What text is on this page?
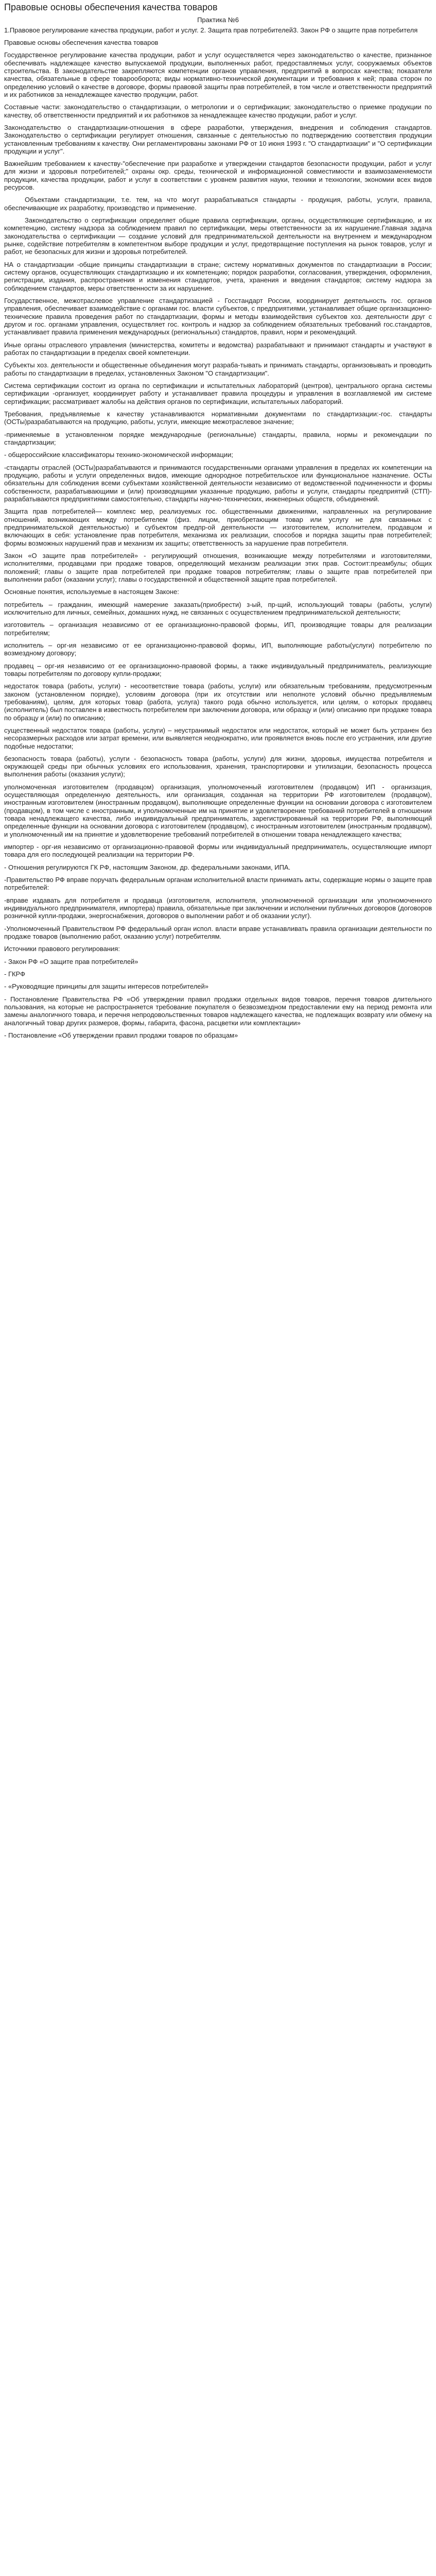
Правовые основы обеспечения качества товаров
Практика №6

1.Правовое регулирование качества продукции, работ и услуг. 2. Защита прав потребителей3. Закон РФ о защите прав потребителя

Правовые основы обеспечения качества товаров

Государственное регулирование качества продукции, работ и услуг осуществляется через законодательство о качестве, признанное обеспечивать надлежащее качество выпускаемой продукции, выполненных работ, предоставляемых услуг, сооружаемых объектов строительства. В законодательстве закрепляются компетенции органов управления, предприятий в вопросах качества; показатели качества, обязательные в сфере товарооборота; виды нормативно-технической документации и требования к ней; права сторон по определению условий о качестве в договоре, формы правовой защиты прав потребителей, в том числе и ответственности предприятий и их работников за ненадлежащее качество продукции, работ.

Составные части: законодательство о стандартизации, о метрологии и о сертификации; законодательство о приемке продукции по качеству, об ответственности предприятий и их работников за ненадлежащее качество продукции, работ и услуг.

Законодательство о стандартизации-отношения в сфере разработки, утверждения, внедрения и соблюдения стандартов. Законодательство о сертификации регулирует отношения, связанные с деятельностью по подтверждению соответствия продукции установленным требованиям к качеству. Они регламентированы законами РФ от 10 июня 1993 г. "О стандартизации" и "О сертификации продукции и услуг".

Важнейшим требованием к качеству-"обеспечение при разработке и утверждении стандартов безопасности продукции, работ и услуг для жизни и здоровья потребителей;" охраны окр. среды, технической и информационной совместимости и взаимозаменяемости продукции, качества продукции, работ и услуг в соответствии с уровнем развития науки, техники и технологии, экономии всех видов ресурсов.

Объектами стандартизации, т.е. тем, на что могут разрабатываться стандарты - продукция, работы, услуги, правила, обеспечивающие их разработку, производство и применение.

Законодательство о сертификации определяет общие правила сертификации, органы, осуществляющие сертификацию, и их компетенцию, систему надзора за соблюдением правил по сертификации, меры ответственности за их нарушение.Главная задача законодательства о сертификации — создание условий для предпринимательской деятельности на внутреннем и международном рынке, содействие потребителям в компетентном выборе продукции и услуг, предотвращение поступления на рынок товаров, услуг и работ, не безопасных для жизни и здоровья потребителей.

НА о стандартизации -общие принципы стандартизации в стране; систему нормативных документов по стандартизации в России; систему органов, осуществляющих стандартизацию и их компетенцию; порядок разработки, согласования, утверждения, оформления, регистрации, издания, распространения и изменения стандартов, учета, хранения и введения стандартов; систему надзора за соблюдением стандартов, меры ответственности за их нарушение.

Государственное, межотраслевое управление стандартизацией - Госстандарт России, координирует деятельность гос. органов управления, обеспечивает взаимодействие с органами гос. власти субъектов, с предприятиями, устанавливает общие организационно-технические правила проведения работ по стандартизации, формы и методы взаимодействия субъектов хоз. деятельности друг с другом и гос. органами управления, осуществляет гос. контроль и надзор за соблюдением обязательных требований гос.стандартов, устанавливает правила применения международных (региональных) стандартов, правил, норм и рекомендаций.

Иные органы отраслевого управления (министерства, комитеты и ведомства) разрабатывают и принимают стандарты и участвуют в работах по стандартизации в пределах своей компетенции.

Субъекты хоз. деятельности и общественные объединения могут разраба-тывать и принимать стандарты, организовывать и проводить работы по стандартизации в пределах, установленных Законом "О стандартизации".

Система сертификации состоит из органа по сертификации и испытательных лабораторий (центров), центрального органа системы сертификации -организует, координирует работу и устанавливает правила процедуры и управления в возглавляемой им системе сертификации; рассматривает жалобы на действия органов по сертификации, испытательных лабораторий.

Требования, предъявляемые к качеству устанавливаются нормативными документами по стандартизации:-гос. стандарты (ОСТы)разрабатываются на продукцию, работы, услуги, имеющие межотраслевое значение;

-применяемые в установленном порядке международные (региональные) стандарты, правила, нормы и рекомендации по стандартизации;

- общероссийские классификаторы технико-экономической информации;

-стандарты отраслей (ОСТы)разрабатываются и принимаются государственными органами управления в пределах их компетенции на продукцию, работы и услуги определенных видов, имеющие однородное потребительское или функциональное назначение. ОСТы обязательны для соблюдения всеми субъектами хозяйственной деятельности независимо от ведомственной подчиненности и формы собственности, разрабатывающими и (или) производящими указанные продукцию, работы и услуги, стандарты предприятий (СТП)-разрабатываются предприятиями самостоятельно, стандарты научно-технических, инженерных обществ, объединений.

Защита прав потребителей— комплекс мер, реализуемых гос. общественными движениями, направленных на регулирование отношений, возникающих между потребителем (физ. лицом, приобретающим товар или услугу не для связанных с предпринимательской деятельностью) и субъектом предпр-ой деятельности — изготовителем, исполнителем, продавцом и включающих в себя: установление прав потребителя, механизма их реализации, способов и порядка защиты прав потребителей; формы возможных нарушений прав и механизм их защиты; ответственность за нарушение прав потребителя.

Закон «О защите прав потребителей» - регулирующий отношения, возникающие между потребителями и изготовителями, исполнителями, продавцами при продаже товаров, определяющий механизм реализации этих прав. Состоит:преамбулы; общих положений; главы о защите прав потребителей при продаже товаров потребителям; главы о защите прав потребителей при выполнении работ (оказании услуг); главы о государственной и общественной защите прав потребителей.

Основные понятия, используемые в настоящем Законе:

потребитель – гражданин, имеющий намерение заказать(приобрести) з-ый, пр-щий, использующий товары (работы, услуги) исключительно для личных, семейных, домашних нужд, не связанных с осуществлением предпринимательской деятельности;

изготовитель – организация независимо от ее организационно-правовой формы, ИП, производящие товары для реализации потребителям;

исполнитель – орг-ия независимо от ее организационно-правовой формы, ИП, выполняющие работы(услуги) потребителю по возмездному договору;

продавец – орг-ия независимо от ее организационно-правовой формы, а также индивидуальный предприниматель, реализующие товары потребителям по договору купли-продажи;

недостаток товара (работы, услуги) - несоответствие товара (работы, услуги) или обязательным требованиям, предусмотренным законом (установленном порядке), условиям договора (при их отсутствии или неполноте условий обычно предъявляемым требованиям), целям, для которых товар (работа, услуга) такого рода обычно используется, или целям, о которых продавец (исполнитель) был поставлен в известность потребителем при заключении договора, или образцу и (или) описанию при продаже товара по образцу и (или) по описанию;

существенный недостаток товара (работы, услуги) – неустранимый недостаток или недостаток, который не может быть устранен без несоразмерных расходов или затрат времени, или выявляется неоднократно, или проявляется вновь после его устранения, или другие подобные недостатки;

безопасность товара (работы), услуги - безопасность товара (работы, услуги) для жизни, здоровья, имущества потребителя и окружающей среды при обычных условиях его использования, хранения, транспортировки и утилизации, безопасность процесса выполнения работы (оказания услуги);

уполномоченная изготовителем (продавцом) организация, уполномоченный изготовителем (продавцом) ИП - организация, осуществляющая определенную деятельность, или организация, созданная на территории РФ изготовителем (продавцом), иностранным изготовителем (иностранным продавцом), выполняющие определенные функции на основании договора с изготовителем (продавцом), в том числе с иностранным, и уполномоченные им на принятие и удовлетворение требований потребителей в отношении товара ненадлежащего качества, либо индивидуальный предприниматель, зарегистрированный на территории РФ, выполняющий определенные функции на основании договора с изготовителем (продавцом), с иностранным изготовителем (иностранным продавцом), и уполномоченный им на принятие и удовлетворение требований потребителей в отношении товара ненадлежащего качества;

импортер - орг-ия независимо от организационно-правовой формы или индивидуальный предприниматель, осуществляющие импорт товара для его последующей реализации на территории РФ.

- Отношения регулируются ГК РФ, настоящим Законом, др. федеральными законами, ИПА.

-Правительство РФ вправе поручать федеральным органам исполнительной власти принимать акты, содержащие нормы о защите прав потребителей:

-вправе издавать для потребителя и продавца (изготовителя, исполнителя, уполномоченной организации или уполномоченного индивидуального предпринимателя, импортера) правила, обязательные при заключении и исполнении публичных договоров (договоров розничной купли-продажи, энергоснабжения, договоров о выполнении работ и об оказании услуг).

-Уполномоченный Правительством РФ федеральный орган испол. власти вправе устанавливать правила организации деятельности по продаже товаров (выполнению работ, оказанию услуг) потребителям.

Источники правового регулирования:

- Закон РФ «О защите прав потребителей»

- ГКРФ

- «Руководящие принципы для защиты интересов потребителей»

- Постановление Правительства РФ «Об утверждении правил продажи отдельных видов товаров, перечня товаров длительного пользования, на которые не распространяется требование покупателя о безвозмездном предоставлении ему на период ремонта или замены аналогичного товара, и перечня непродовольственных товаров надлежащего качества, не подлежащих возврату или обмену на аналогичный товар других размеров, формы, габарита, фасона, расцветки или комплектации»

- Постановление «Об утверждении правил продажи товаров по образцам»
